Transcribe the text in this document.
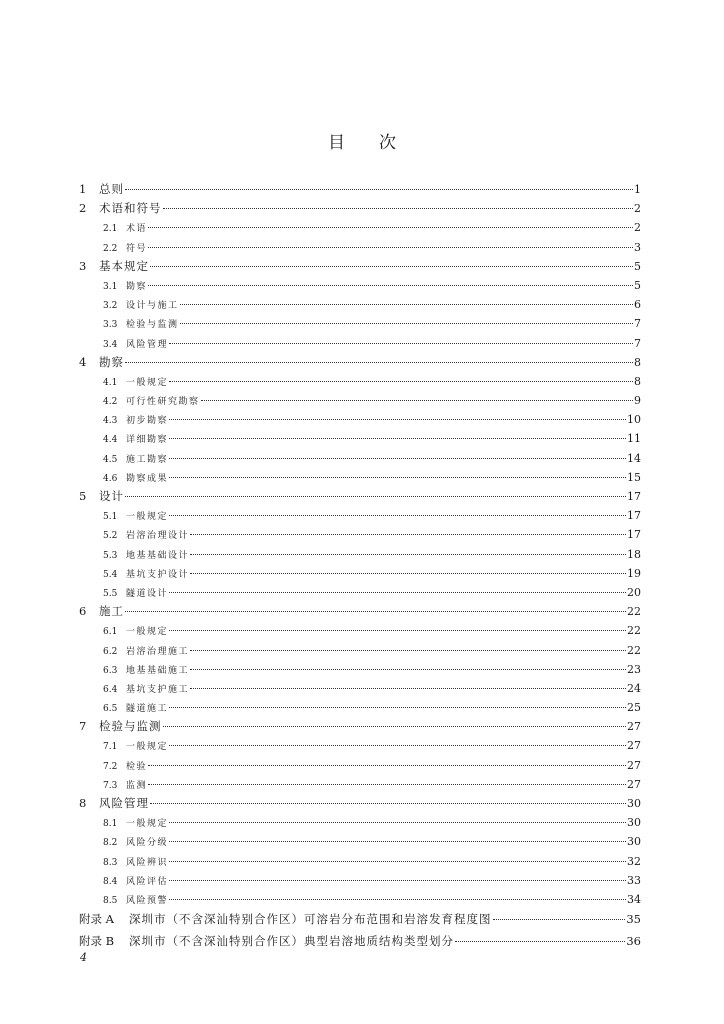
目 次
1	总则	1
2	术语和符号	2
2.1 术语	2
2.2 符号	3
3	基本规定	5
3.1 勘察	5
3.2 设计与施工	6
3.3 检验与监测	7
3.4 风险管理	7
4	勘察	8
4.1 一般规定	8
4.2 可行性研究勘察	9
4.3 初步勘察	10
4.4 详细勘察	11
4.5 施工勘察	14
4.6 勘察成果	15
5	设计	17
5.1 一般规定	17
5.2 岩溶治理设计	17
5.3 地基基础设计	18
5.4 基坑支护设计	19
5.5 隧道设计	20
6	施工	22
6.1 一般规定	22
6.2 岩溶治理施工	22
6.3 地基基础施工	23
6.4 基坑支护施工	24
6.5 隧道施工	25
7	检验与监测	27
7.1 一般规定	27
7.2 检验	27
7.3 监测	27
8	风险管理	30
8.1 一般规定	30
8.2 风险分级	30
8.3 风险辨识	32
8.4 风险评估	33
8.5 风险预警	34
附录 A	深圳市（不含深汕特别合作区）可溶岩分布范围和岩溶发育程度图	35
附录 B	深圳市（不含深汕特别合作区）典型岩溶地质结构类型划分	36
4
